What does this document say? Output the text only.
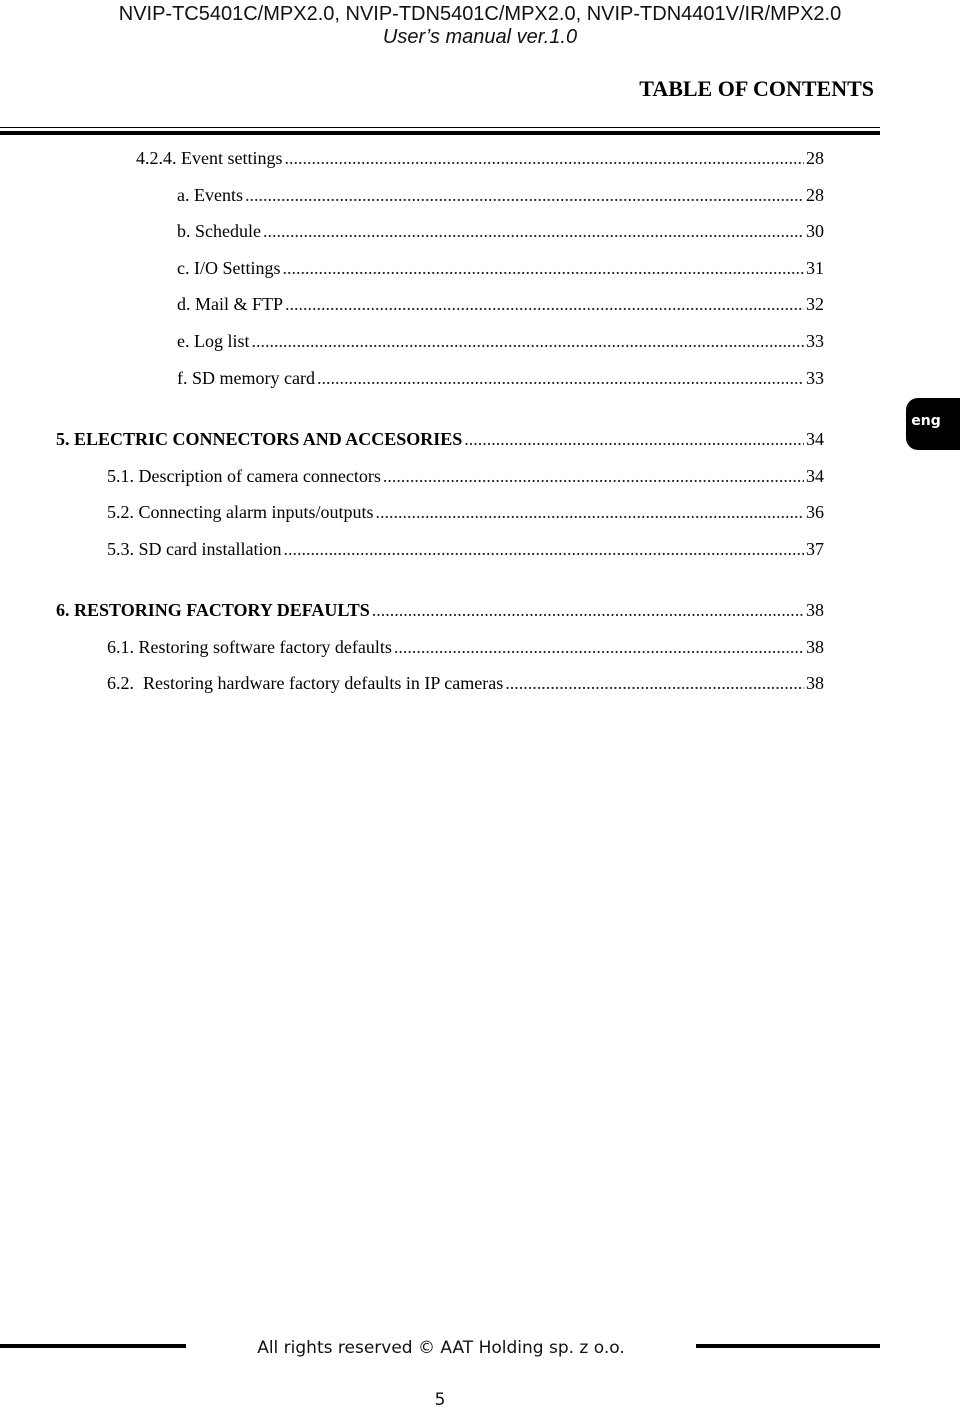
NVIP-TC5401C/MPX2.0, NVIP-TDN5401C/MPX2.0, NVIP-TDN4401V/IR/MPX2.0
User’s manual ver.1.0
TABLE OF CONTENTS
4.2.4. Event settings .....	28
a. Events .....	28
b. Schedule .....	30
c. I/O Settings .....	31
d. Mail & FTP .....	32
e. Log list .....	33
f. SD memory card .....	33
5. ELECTRIC CONNECTORS AND ACCESORIES .....	34
5.1. Description of camera connectors .....	34
5.2. Connecting alarm inputs/outputs .....	36
5.3. SD card installation .....	37
6. RESTORING FACTORY DEFAULTS .....	38
6.1. Restoring software factory defaults .....	38
6.2.  Restoring hardware factory defaults in IP cameras .....	38
eng
All rights reserved © AAT Holding sp. z o.o.
5
